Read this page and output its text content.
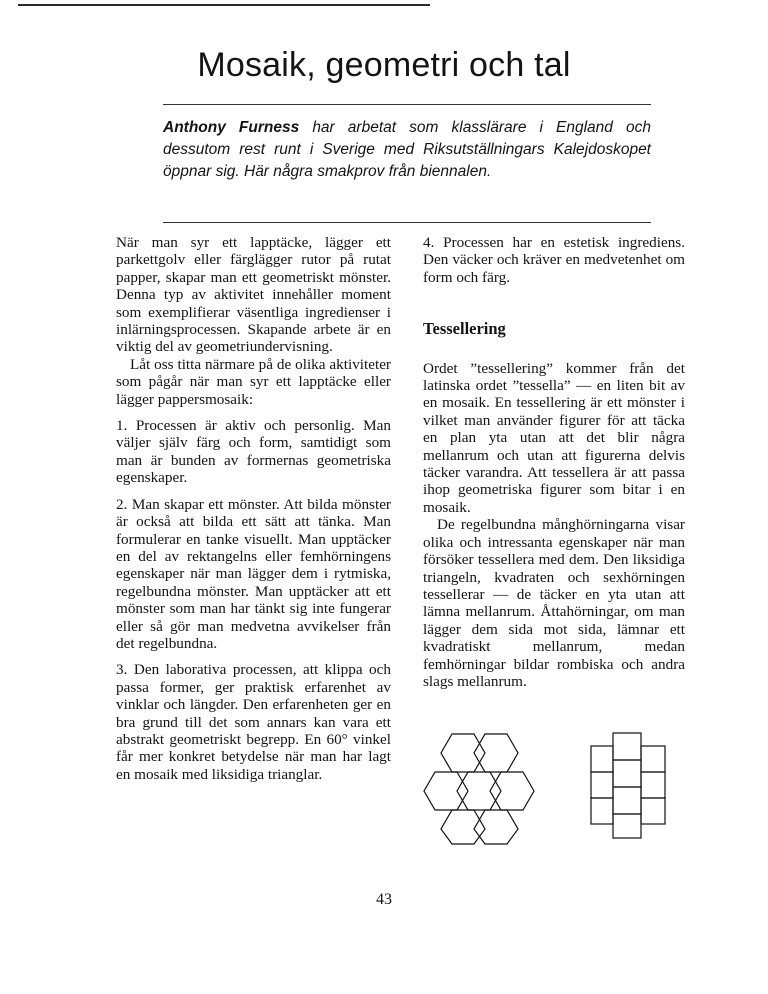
Mosaik, geometri och tal

Anthony Furness har arbetat som klasslärare i England och dessutom rest runt i Sverige med Riksutställningars Kalejdoskopet öppnar sig. Här några smakprov från biennalen.

När man syr ett lapptäcke, lägger ett parkettgolv eller färglägger rutor på rutat papper, skapar man ett geometriskt mönster. Denna typ av aktivitet innehåller moment som exemplifierar väsentliga ingredienser i inlärningsprocessen. Skapande arbete är en viktig del av geometriundervisning.

Låt oss titta närmare på de olika aktiviteter som pågår när man syr ett lapptäcke eller lägger pappersmosaik:

1. Processen är aktiv och personlig. Man väljer själv färg och form, samtidigt som man är bunden av formernas geometriska egenskaper.

2. Man skapar ett mönster. Att bilda mönster är också att bilda ett sätt att tänka. Man formulerar en tanke visuellt. Man upptäcker en del av rektangelns eller femhörningens egenskaper när man lägger dem i rytmiska, regelbundna mönster. Man upptäcker att ett mönster som man har tänkt sig inte fungerar eller så gör man medvetna avvikelser från det regelbundna.

3. Den laborativa processen, att klippa och passa former, ger praktisk erfarenhet av vinklar och längder. Den erfarenheten ger en bra grund till det som annars kan vara ett abstrakt geometriskt begrepp. En 60° vinkel får mer konkret betydelse när man har lagt en mosaik med liksidiga trianglar.

4. Processen har en estetisk ingrediens. Den väcker och kräver en medvetenhet om form och färg.

Tessellering

Ordet ”tessellering” kommer från det latinska ordet ”tessella” — en liten bit av en mosaik. En tessellering är ett mönster i vilket man använder figurer för att täcka en plan yta utan att det blir några mellanrum och utan att figurerna delvis täcker varandra. Att tessellera är att passa ihop geometriska figurer som bitar i en mosaik.

De regelbundna månghörningarna visar olika och intressanta egenskaper när man försöker tessellera med dem. Den liksidiga triangeln, kvadraten och sexhörningen tessellerar — de täcker en yta utan att lämna mellanrum. Åttahörningar, om man lägger dem sida mot sida, lämnar ett kvadratiskt mellanrum, medan femhörningar bildar rombiska och andra slags mellanrum.

43
